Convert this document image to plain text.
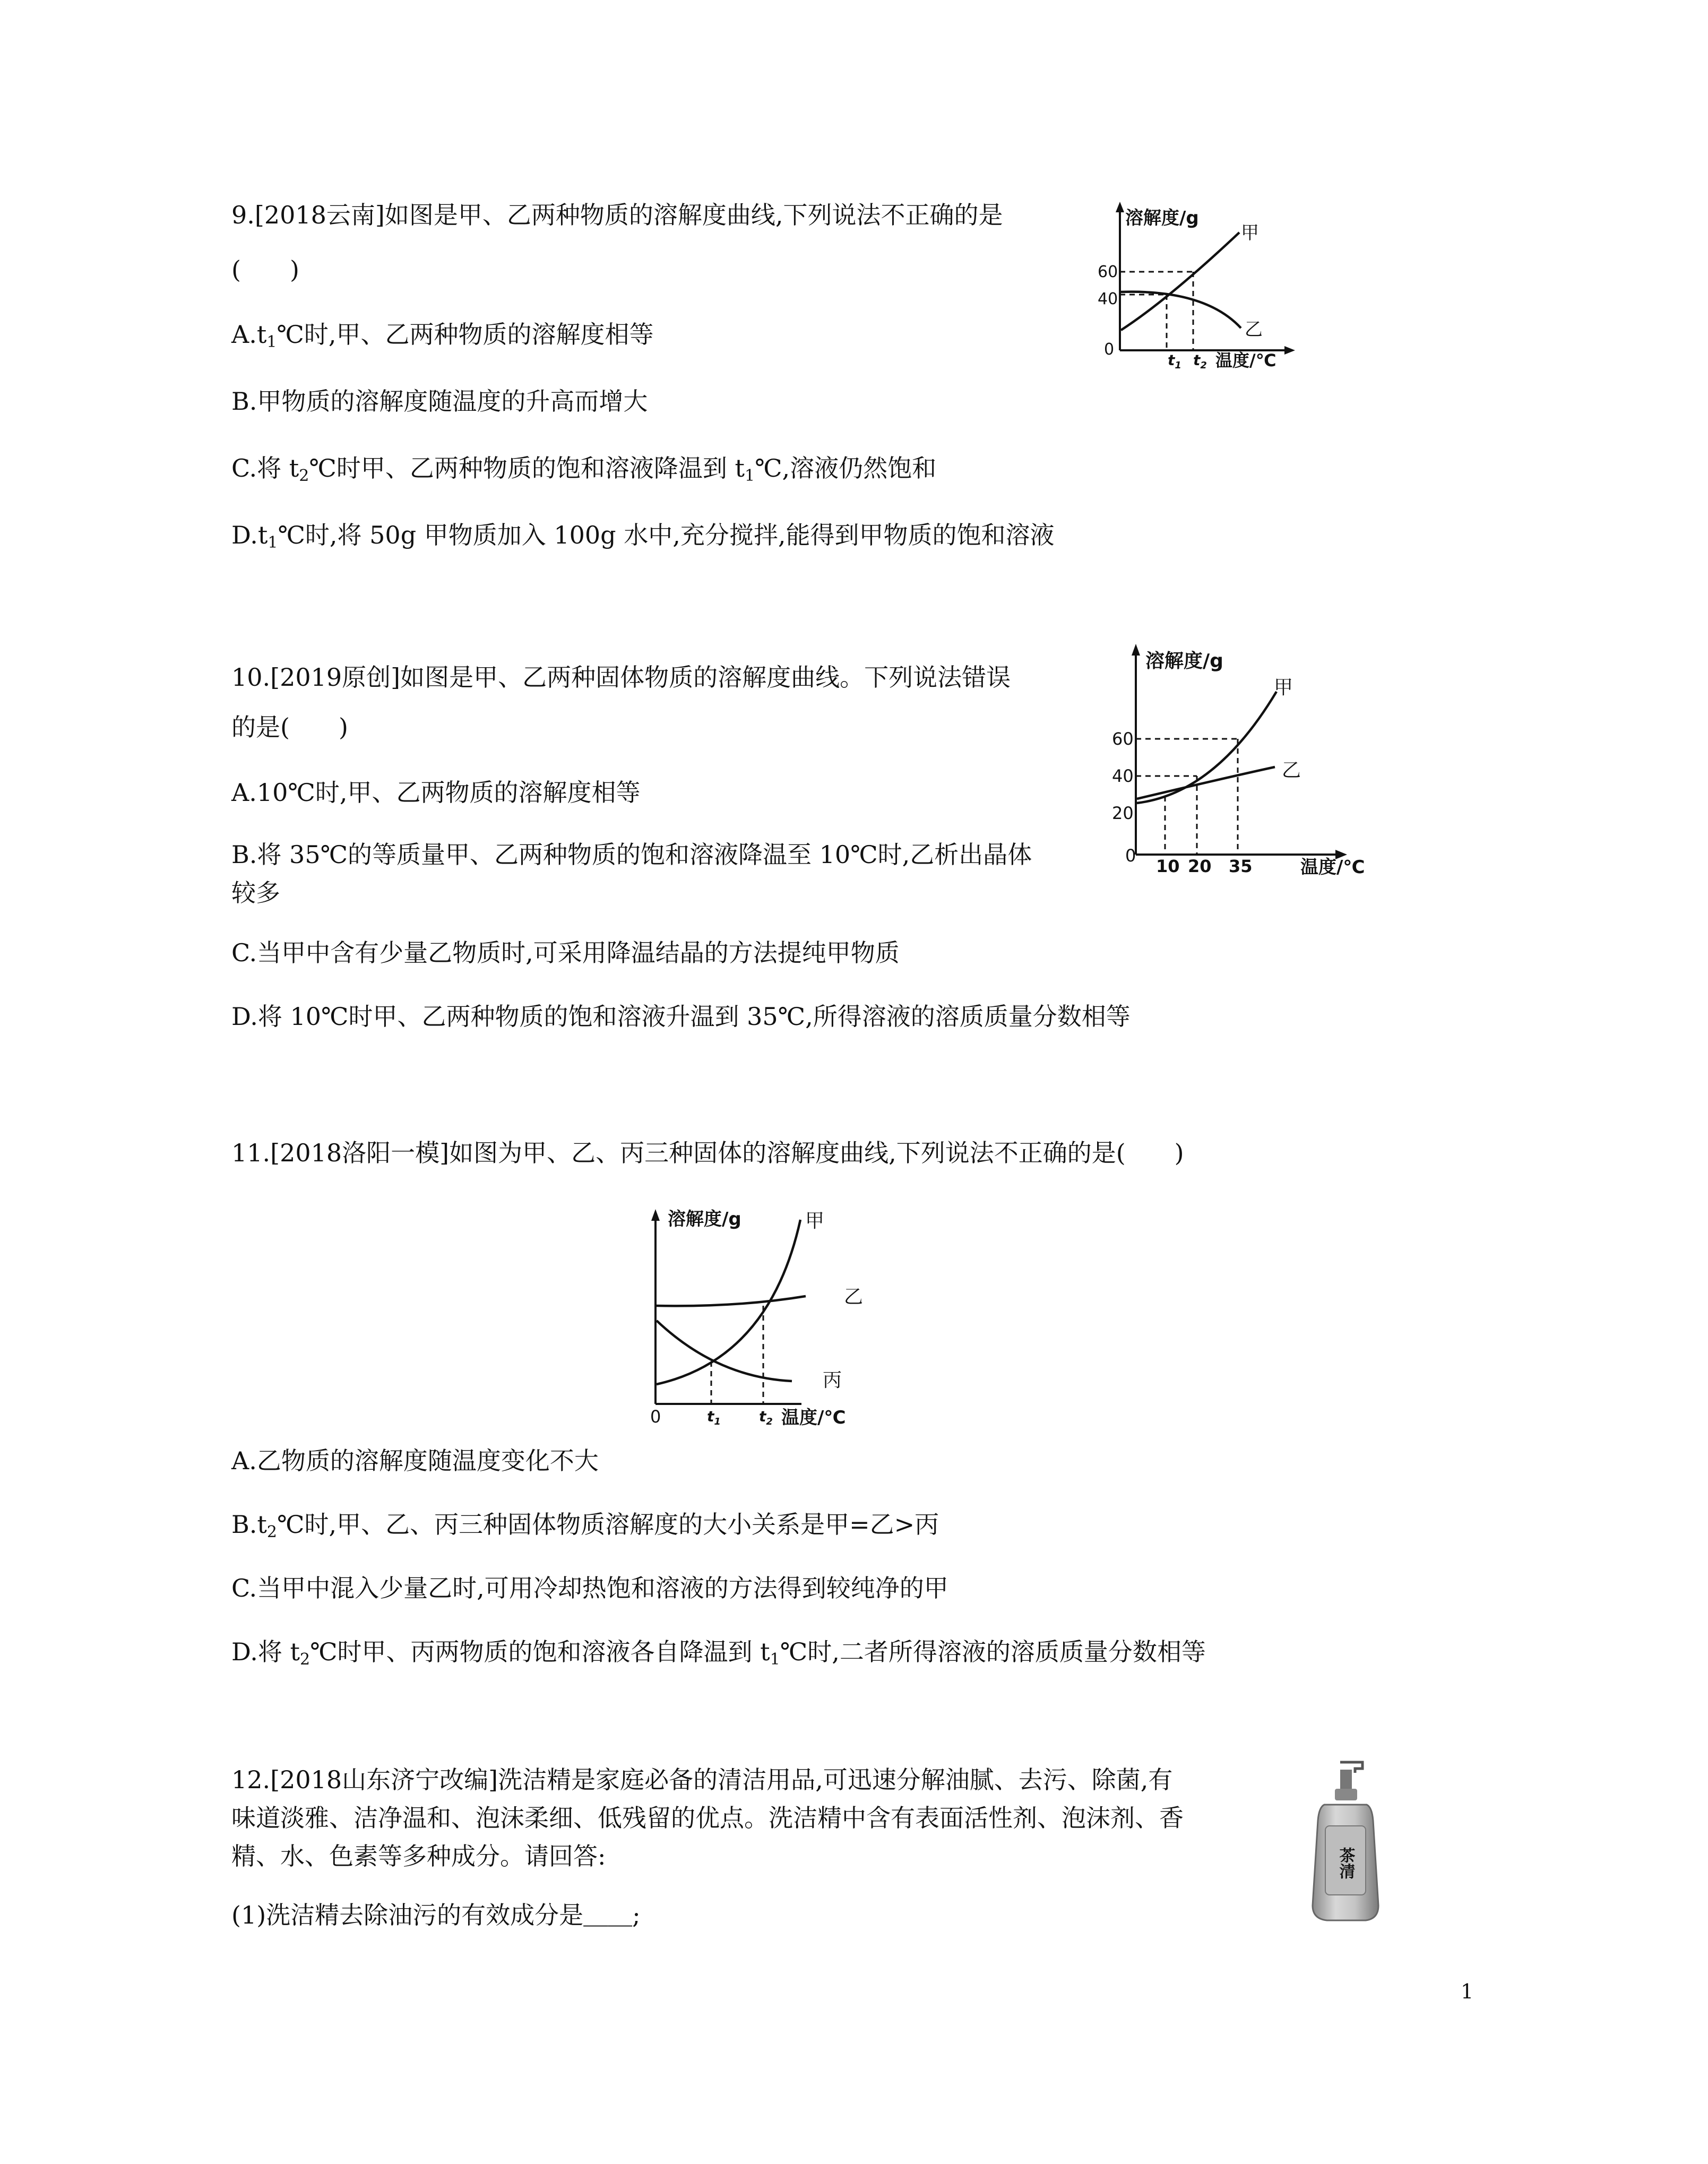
9.[2018云南]如图是甲、乙两种物质的溶解度曲线,下列说法不正确的是
(　　)
$A.t_1℃$时,甲、乙两种物质的溶解度相等
B.甲物质的溶解度随温度的升高而增大
C.将 $t_2℃$时甲、乙两种物质的饱和溶液降温到 $t_1℃$,溶液仍然饱和
$D.t_1℃$时,将 50g 甲物质加入 100g 水中,充分搅拌,能得到甲物质的饱和溶液
溶解度/g
温度/℃
0
60
40
$t_1$ $t_2$
甲
乙
10.[2019原创]如图是甲、乙两种固体物质的溶解度曲线。下列说法错误
的是(　　)
A.10℃时,甲、乙两物质的溶解度相等
B.将 35℃的等质量甲、乙两种物质的饱和溶液降温至 10℃时,乙析出晶体
较多
C.当甲中含有少量乙物质时,可采用降温结晶的方法提纯甲物质
D.将 10℃时甲、乙两种物质的饱和溶液升温到 35℃,所得溶液的溶质质量分数相等
溶解度/g
温度/℃
0
60
40
20
10 20 35
甲
乙
11.[2018洛阳一模]如图为甲、乙、丙三种固体的溶解度曲线,下列说法不正确的是(　　)
溶解度/g
温度/℃
0	$t_1$	$t_2$
甲
乙
丙
A.乙物质的溶解度随温度变化不大
$B.t_2℃$时,甲、乙、丙三种固体物质溶解度的大小关系是甲=乙>丙
C.当甲中混入少量乙时,可用冷却热饱和溶液的方法得到较纯净的甲
D.将 $t_2℃$时甲、丙两物质的饱和溶液各自降温到 $t_1℃$时,二者所得溶液的溶质质量分数相等
12.[2018山东济宁改编]洗洁精是家庭必备的清洁用品,可迅速分解油腻、去污、除菌,有
味道淡雅、洁净温和、泡沫柔细、低残留的优点。洗洁精中含有表面活性剂、泡沫剂、香
精、水、色素等多种成分。请回答:
(1)洗洁精去除油污的有效成分是＿＿;
茶清
1
